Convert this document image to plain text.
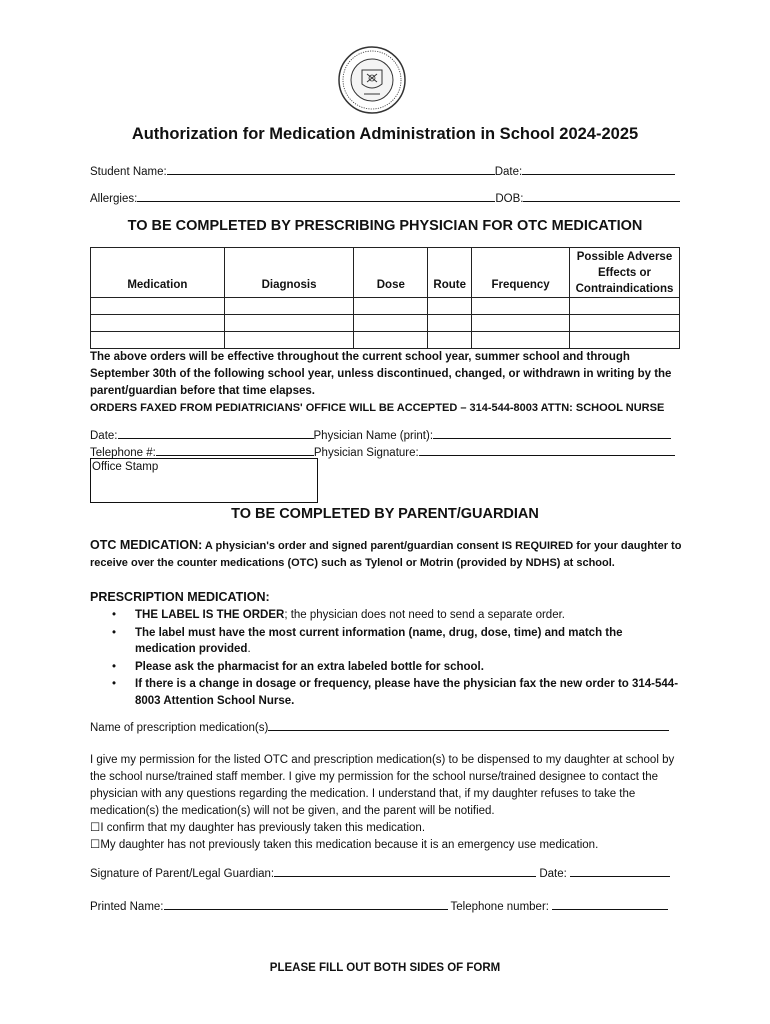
Authorization for Medication Administration in School 2024-2025
Student Name:	Date:
Allergies:	DOB:
TO BE COMPLETED BY PRESCRIBING PHYSICIAN FOR OTC MEDICATION
Medication	Diagnosis	Dose	Route	Frequency	Possible Adverse Effects or Contraindications

The above orders will be effective throughout the current school year, summer school and through September 30th of the following school year, unless discontinued, changed, or withdrawn in writing by the parent/guardian before that time elapses.
ORDERS FAXED FROM PEDIATRICIANS' OFFICE WILL BE ACCEPTED – 314-544-8003 ATTN: SCHOOL NURSE
Date:	Physician Name (print):
Telephone #:	Physician Signature:
Office Stamp
TO BE COMPLETED BY PARENT/GUARDIAN
OTC MEDICATION: A physician's order and signed parent/guardian consent IS REQUIRED for your daughter to receive over the counter medications (OTC) such as Tylenol or Motrin (provided by NDHS) at school.
PRESCRIPTION MEDICATION:
• THE LABEL IS THE ORDER; the physician does not need to send a separate order.
• The label must have the most current information (name, drug, dose, time) and match the medication provided.
• Please ask the pharmacist for an extra labeled bottle for school.
• If there is a change in dosage or frequency, please have the physician fax the new order to 314-544-8003 Attention School Nurse.
Name of prescription medication(s)
I give my permission for the listed OTC and prescription medication(s) to be dispensed to my daughter at school by the school nurse/trained staff member. I give my permission for the school nurse/trained designee to contact the physician with any questions regarding the medication. I understand that, if my daughter refuses to take the medication(s) the medication(s) will not be given, and the parent will be notified.
☐I confirm that my daughter has previously taken this medication.
☐My daughter has not previously taken this medication because it is an emergency use medication.
Signature of Parent/Legal Guardian:	Date:
Printed Name:	Telephone number:
PLEASE FILL OUT BOTH SIDES OF FORM
